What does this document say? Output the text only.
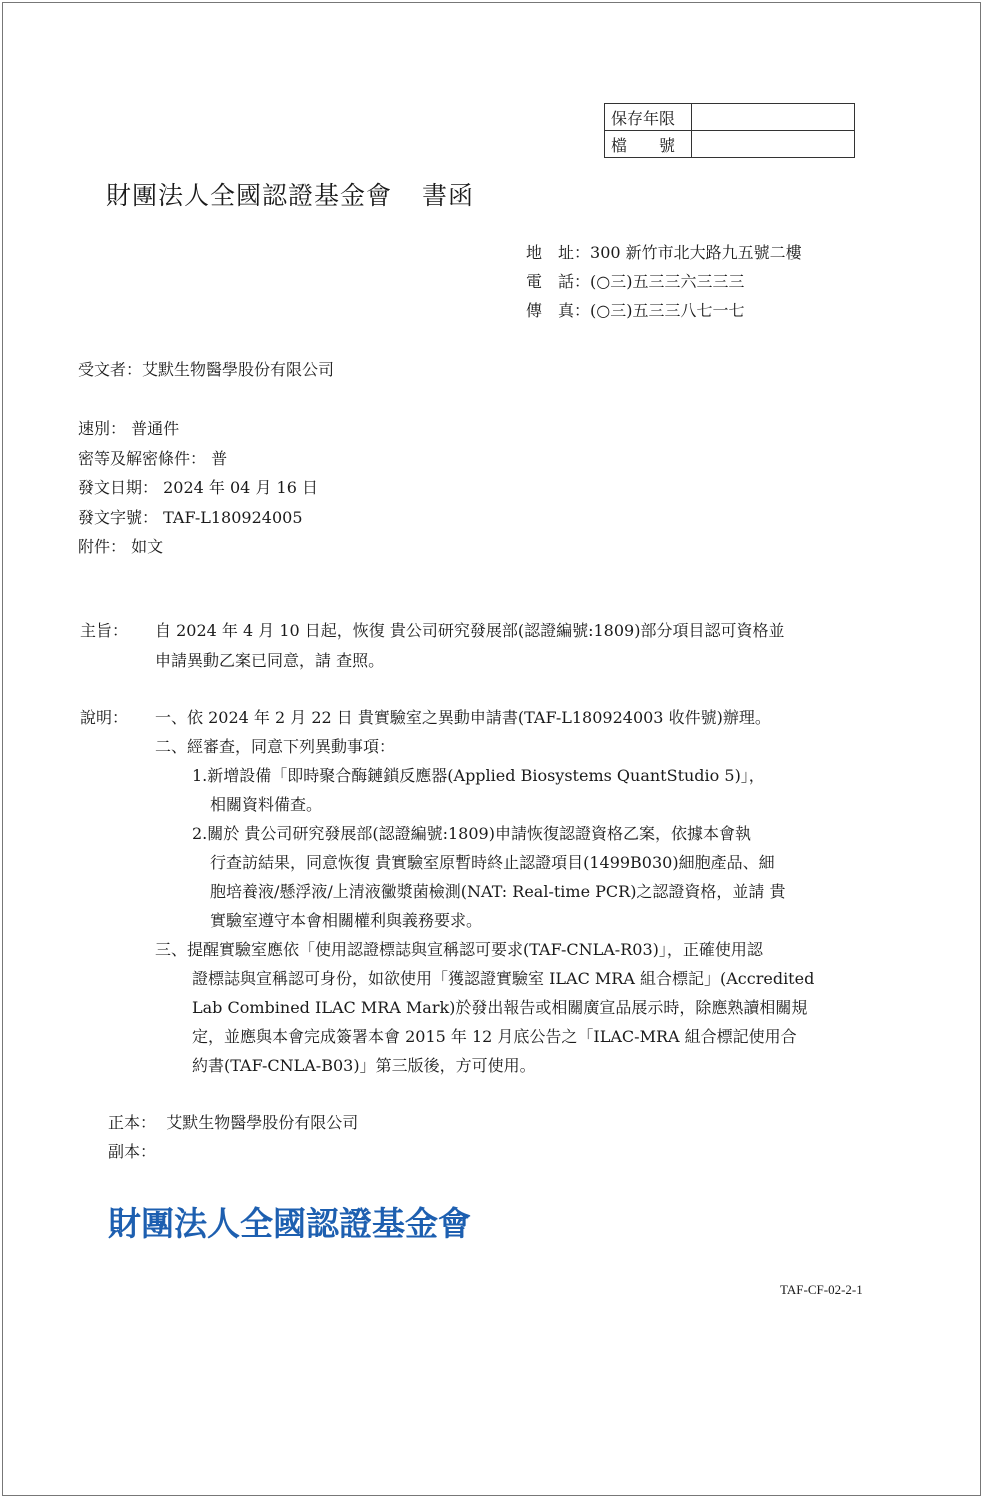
保存年限	
檔　　號	
財團法人全國認證基金會 書函
地　址：300 新竹市北大路九五號二樓
電　話：(○三)五三三六三三三
傳　真：(○三)五三三八七一七
受文者：艾默生物醫學股份有限公司
速別： 普通件
密等及解密條件： 普
發文日期： 2024 年 04 月 16 日
發文字號： TAF-L180924005
附件： 如文
主旨： 自 2024 年 4 月 10 日起，恢復 貴公司研究發展部(認證編號:1809)部分項目認可資格並
申請異動乙案已同意，請 查照。
說明： 一、依 2024 年 2 月 22 日 貴實驗室之異動申請書(TAF-L180924003 收件號)辦理。
二、經審查，同意下列異動事項：
1.新增設備「即時聚合酶鏈鎖反應器(Applied Biosystems QuantStudio 5)」，
相關資料備查。
2.關於 貴公司研究發展部(認證編號:1809)申請恢復認證資格乙案，依據本會執
行查訪結果，同意恢復 貴實驗室原暫時終止認證項目(1499B030)細胞產品、細
胞培養液/懸浮液/上清液黴漿菌檢測(NAT: Real-time PCR)之認證資格，並請 貴
實驗室遵守本會相關權利與義務要求。
三、提醒實驗室應依「使用認證標誌與宣稱認可要求(TAF-CNLA-R03)」，正確使用認
證標誌與宣稱認可身份，如欲使用「獲認證實驗室 ILAC MRA 組合標記」(Accredited
Lab Combined ILAC MRA Mark)於發出報告或相關廣宣品展示時，除應熟讀相關規
定，並應與本會完成簽署本會 2015 年 12 月底公告之「ILAC-MRA 組合標記使用合
約書(TAF-CNLA-B03)」第三版後，方可使用。
正本： 艾默生物醫學股份有限公司
副本：
財團法人全國認證基金會
TAF-CF-02-2-1
